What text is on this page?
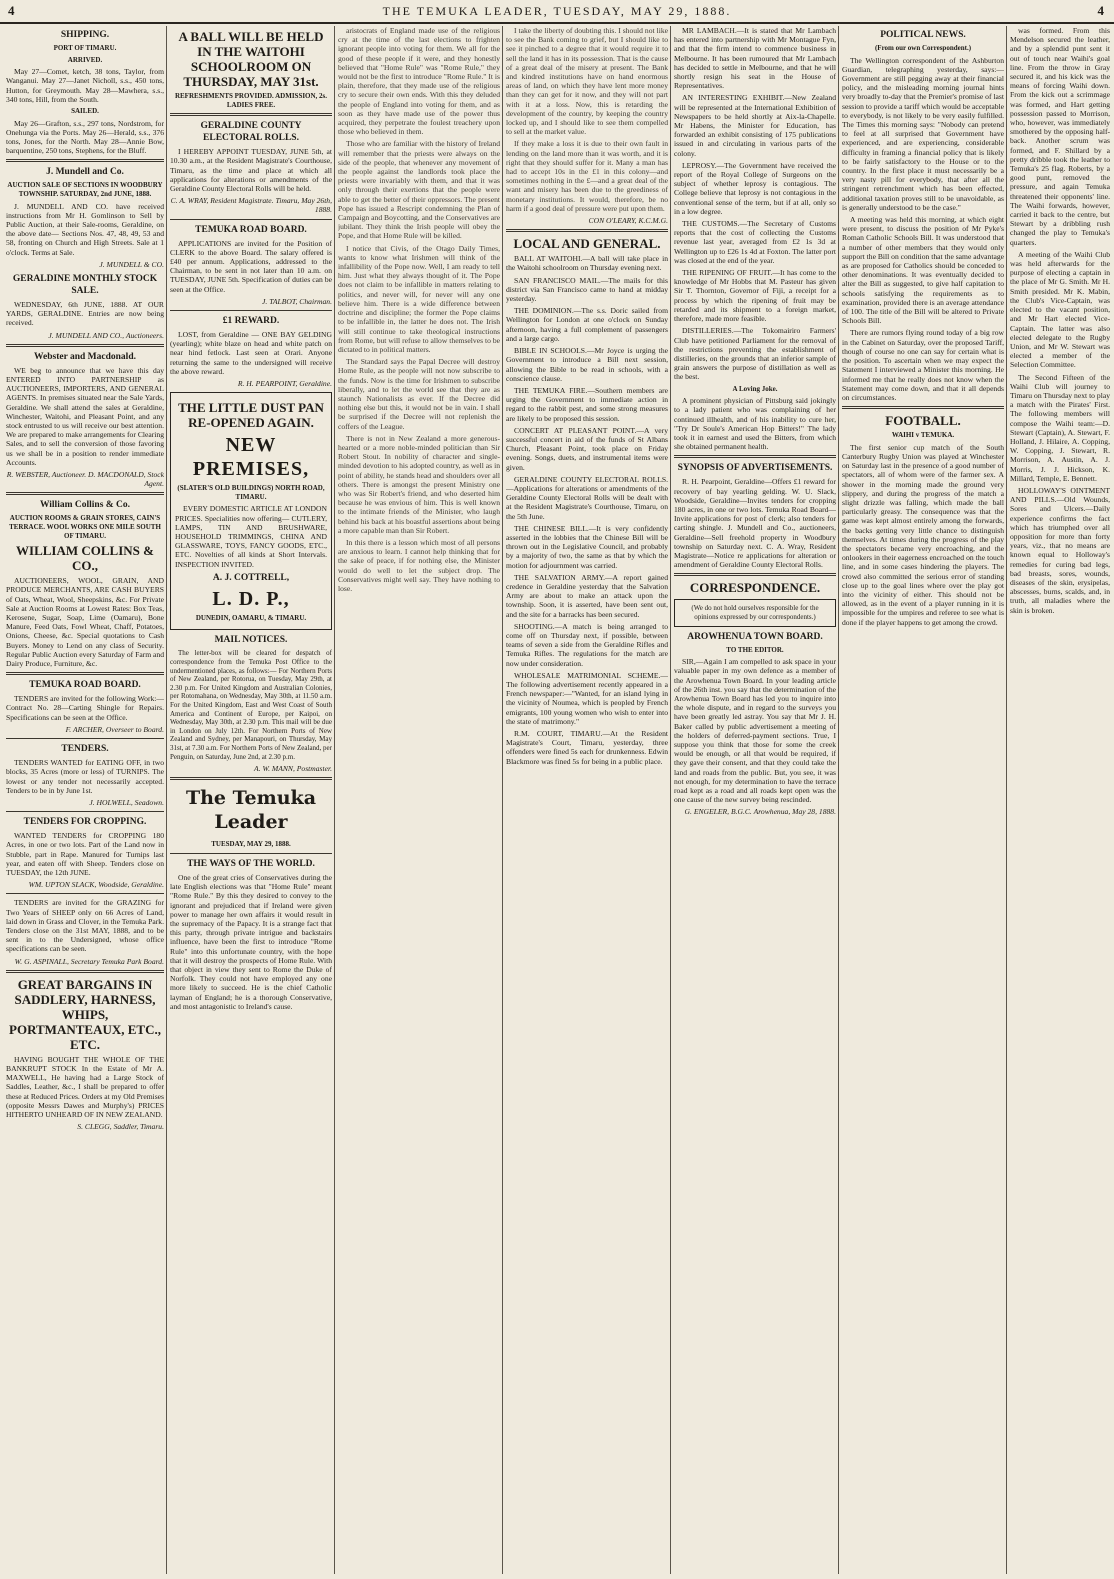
4	THE TEMUKA LEADER, TUESDAY, MAY 29, 1888.	4
SHIPPING.
PORT OF TIMARU.
ARRIVED.
May 27—Comet, ketch, 38 tons, Taylor, from Wanganui. May 27—Janet Nicholl, s.s., 450 tons, Hutton, for Greymouth. May 28—Mawhera, s.s., 340 tons, Hill, from the South.
SAILED.
May 26—Grafton, s.s., 297 tons, Nordstrom, for Onehunga via the Ports. May 26—Herald, s.s., 376 tons, Jones, for the North. May 28—Annie Bow, barquentine, 250 tons, Stephens, for the Bluff.
J. Mundell and Co.
AUCTION SALE OF SECTIONS IN WOODBURY TOWNSHIP. SATURDAY, 2nd JUNE, 1888.
J. MUNDELL AND CO. have received instructions from Mr H. Gomlinson to Sell by Public Auction, at their Sale-rooms, Geraldine, on the above date— Sections Nos. 47, 48, 49, 53 and 58, fronting on Church and High Streets. Sale at 1 o'clock. Terms at Sale.
J. MUNDELL & CO.
GERALDINE MONTHLY STOCK SALE.
WEDNESDAY, 6th JUNE, 1888. AT OUR YARDS, GERALDINE. Entries are now being received.
J. MUNDELL AND CO., Auctioneers.
Webster and Macdonald.
WE beg to announce that we have this day ENTERED INTO PARTNERSHIP as AUCTIONEERS, IMPORTERS, AND GENERAL AGENTS. In premises situated near the Sale Yards, Geraldine. We shall attend the sales at Geraldine, Winchester, Waitohi, and Pleasant Point, and any stock entrusted to us will receive our best attention. We are prepared to make arrangements for Clearing Sales, and to sell the conversion of those favoring us we shall be in a position to render immediate Accounts.
R. WEBSTER, Auctioneer. D. MACDONALD, Stock Agent.
William Collins & Co.
AUCTION ROOMS & GRAIN STORES, CAIN'S TERRACE. WOOL WORKS ONE MILE SOUTH OF TIMARU.
WILLIAM COLLINS & CO.,
AUCTIONEERS, WOOL, GRAIN, AND PRODUCE MERCHANTS, ARE CASH BUYERS of Oats, Wheat, Wool, Sheepskins, &c. For Private Sale at Auction Rooms at Lowest Rates: Box Teas, Kerosene, Sugar, Soap, Lime (Oamaru), Bone Manure, Feed Oats, Fowl Wheat, Chaff, Potatoes, Onions, Cheese, &c. Special quotations to Cash Buyers. Money to Lend on any class of Security. Regular Public Auction every Saturday of Farm and Dairy Produce, Furniture, &c.
TEMUKA ROAD BOARD.
TENDERS are invited for the following Work:— Contract No. 28—Carting Shingle for Repairs. Specifications can be seen at the Office.
F. ARCHER, Overseer to Board.
TENDERS.
TENDERS WANTED for EATING OFF, in two blocks, 35 Acres (more or less) of TURNIPS. The lowest or any tender not necessarily accepted. Tenders to be in by June 1st.
J. HOLWELL, Seadown.
TENDERS FOR CROPPING.
WANTED TENDERS for CROPPING 180 Acres, in one or two lots. Part of the Land now in Stubble, part in Rape. Manured for Turnips last year, and eaten off with Sheep. Tenders close on TUESDAY, the 12th JUNE.
WM. UPTON SLACK, Woodside, Geraldine.
TENDERS are invited for the GRAZING for Two Years of SHEEP only on 66 Acres of Land, laid down in Grass and Clover, in the Temuka Park. Tenders close on the 31st MAY, 1888, and to be sent in to the Undersigned, whose office specifications can be seen.
W. G. ASPINALL, Secretary Temuka Park Board.
GREAT BARGAINS IN SADDLERY, HARNESS, WHIPS, PORTMANTEAUX, ETC., ETC.
HAVING BOUGHT THE WHOLE OF THE BANKRUPT STOCK In the Estate of Mr A. MAXWELL, He having had a Large Stock of Saddles, Leather, &c., I shall be prepared to offer these at Reduced Prices. Orders at my Old Premises (opposite Messrs Dawes and Murphy's) PRICES HITHERTO UNHEARD OF IN NEW ZEALAND.
S. CLEGG, Saddler, Timaru.
A BALL WILL BE HELD IN THE WAITOHI SCHOOLROOM ON THURSDAY, MAY 31st.
REFRESHMENTS PROVIDED. ADMISSION, 2s. LADIES FREE.
GERALDINE COUNTY ELECTORAL ROLLS.
I HEREBY APPOINT TUESDAY, JUNE 5th, at 10.30 a.m., at the Resident Magistrate's Courthouse, Timaru, as the time and place at which all applications for alterations or amendments of the Geraldine County Electoral Rolls will be held.
C. A. WRAY, Resident Magistrate. Timaru, May 26th, 1888.
TEMUKA ROAD BOARD.
APPLICATIONS are invited for the Position of CLERK to the above Board. The salary offered is £40 per annum. Applications, addressed to the Chairman, to be sent in not later than 10 a.m. on TUESDAY, JUNE 5th. Specification of duties can be seen at the Office.
J. TALBOT, Chairman.
£1 REWARD.
LOST, from Geraldine — ONE BAY GELDING (yearling); white blaze on head and white patch on near hind fetlock. Last seen at Orari. Anyone returning the same to the undersigned will receive the above reward.
R. H. PEARPOINT, Geraldine.
THE LITTLE DUST PAN RE-OPENED AGAIN.
NEW PREMISES,
(SLATER'S OLD BUILDINGS) NORTH ROAD, TIMARU.
EVERY DOMESTIC ARTICLE AT LONDON PRICES. Specialities now offering— CUTLERY, LAMPS, TIN AND BRUSHWARE, HOUSEHOLD TRIMMINGS, CHINA AND GLASSWARE, TOYS, FANCY GOODS, ETC., ETC. Novelties of all kinds at Short Intervals. INSPECTION INVITED.
A. J. COTTRELL,
L. D. P.,
DUNEDIN, OAMARU, & TIMARU.
MAIL NOTICES.
The letter-box will be cleared for despatch of correspondence from the Temuka Post Office to the undermentioned places, as follows:— For Northern Ports of New Zealand, per Rotorua, on Tuesday, May 29th, at 2.30 p.m. For United Kingdom and Australian Colonies, per Rotomahana, on Wednesday, May 30th, at 11.50 a.m. For the United Kingdom, East and West Coast of South America and Continent of Europe, per Kaipoi, on Wednesday, May 30th, at 2.30 p.m. This mail will be due in London on July 12th. For Northern Ports of New Zealand and Sydney, per Manapouri, on Thursday, May 31st, at 7.30 a.m. For Northern Ports of New Zealand, per Penguin, on Saturday, June 2nd, at 2.30 p.m.
A. W. MANN, Postmaster.
The Temuka Leader
TUESDAY, MAY 29, 1888.
THE WAYS OF THE WORLD.
One of the great cries of Conservatives during the late English elections was that "Home Rule" meant "Rome Rule." By this they desired to convey to the ignorant and prejudiced that if Ireland were given power to manage her own affairs it would result in the supremacy of the Papacy. It is a strange fact that this party, through private intrigue and backstairs influence, have been the first to introduce "Rome Rule" into this unfortunate country, with the hope that it will destroy the prospects of Home Rule. With that object in view they sent to Rome the Duke of Norfolk. They could not have employed any one more likely to succeed. He is the chief Catholic layman of England; he is a thorough Conservative, and most antagonistic to Ireland's cause.
aristocrats of England made use of the religious cry at the time of the last elections to frighten ignorant people into voting for them. We all for the good of these people if it were, and they honestly believed that "Home Rule" was "Rome Rule," they would not be the first to introduce "Rome Rule." It is plain, therefore, that they made use of the religious cry to secure their own ends. With this they deluded the people of England into voting for them, and as soon as they have made use of the power thus acquired, they perpetrate the foulest treachery upon those who believed in them.
Those who are familiar with the history of Ireland will remember that the priests were always on the side of the people, that whenever any movement of the people against the landlords took place the priests were invariably with them, and that it was only through their exertions that the people were able to get the better of their oppressors. The present Pope has issued a Rescript condemning the Plan of Campaign and Boycotting, and the Conservatives are jubilant. They think the Irish people will obey the Pope, and that Home Rule will be killed.
I notice that Civis, of the Otago Daily Times, wants to know what Irishmen will think of the infallibility of the Pope now. Well, I am ready to tell him. Just what they always thought of it. The Pope does not claim to be infallible in matters relating to politics, and never will, for never will any one believe him. There is a wide difference between doctrine and discipline; the former the Pope claims to be infallible in, the latter he does not. The Irish will still continue to take theological instructions from Rome, but will refuse to allow themselves to be dictated to in political matters.
The Standard says the Papal Decree will destroy Home Rule, as the people will not now subscribe to the funds. Now is the time for Irishmen to subscribe liberally, and to let the world see that they are as staunch Nationalists as ever. If the Decree did nothing else but this, it would not be in vain. I shall be surprised if the Decree will not replenish the coffers of the League.
There is not in New Zealand a more generous-hearted or a more noble-minded politician than Sir Robert Stout. In nobility of character and single-minded devotion to his adopted country, as well as in point of ability, he stands head and shoulders over all others. There is amongst the present Ministry one who was Sir Robert's friend, and who deserted him because he was envious of him. This is well known to the intimate friends of the Minister, who laugh behind his back at his boastful assertions about being a more capable man than Sir Robert.
In this there is a lesson which most of all persons are anxious to learn. I cannot help thinking that for the sake of peace, if for nothing else, the Minister would do well to let the subject drop. The Conservatives might well say. They have nothing to lose.
I take the liberty of doubting this. I should not like to see the Bank coming to grief, but I should like to see it pinched to a degree that it would require it to sell the land it has in its possession. That is the cause of a great deal of the misery at present. The Bank and kindred institutions have on hand enormous areas of land, on which they have lent more money than they can get for it now, and they will not part with it at a loss. Now, this is retarding the development of the country, by keeping the country locked up, and I should like to see them compelled to sell at the market value.
If they make a loss it is due to their own fault in lending on the land more than it was worth, and it is right that they should suffer for it. Many a man has had to accept 10s in the £1 in this colony—and sometimes nothing in the £—and a great deal of the want and misery has been due to the greediness of monetary institutions. It would, therefore, be no harm if a good deal of pressure were put upon them.
CON O'LEARY, K.C.M.G.
LOCAL AND GENERAL.
BALL AT WAITOHI.—A ball will take place in the Waitohi schoolroom on Thursday evening next.
SAN FRANCISCO MAIL.—The mails for this district via San Francisco came to hand at midday yesterday.
THE DOMINION.—The s.s. Doric sailed from Wellington for London at one o'clock on Sunday afternoon, having a full complement of passengers and a large cargo.
BIBLE IN SCHOOLS.—Mr Joyce is urging the Government to introduce a Bill next session, allowing the Bible to be read in schools, with a conscience clause.
THE TEMUKA FIRE.—Southern members are urging the Government to immediate action in regard to the rabbit pest, and some strong measures are likely to be proposed this session.
CONCERT AT PLEASANT POINT.—A very successful concert in aid of the funds of St Albans Church, Pleasant Point, took place on Friday evening. Songs, duets, and instrumental items were given.
GERALDINE COUNTY ELECTORAL ROLLS.—Applications for alterations or amendments of the Geraldine County Electoral Rolls will be dealt with at the Resident Magistrate's Courthouse, Timaru, on the 5th June.
THE CHINESE BILL.—It is very confidently asserted in the lobbies that the Chinese Bill will be thrown out in the Legislative Council, and probably by a majority of two, the same as that by which the motion for adjournment was carried.
THE SALVATION ARMY.—A report gained credence in Geraldine yesterday that the Salvation Army are about to make an attack upon the township. Soon, it is asserted, have been sent out, and the site for a barracks has been secured.
SHOOTING.—A match is being arranged to come off on Thursday next, if possible, between teams of seven a side from the Geraldine Rifles and Temuka Rifles. The regulations for the match are now under consideration.
WHOLESALE MATRIMONIAL SCHEME.—The following advertisement recently appeared in a French newspaper:—"Wanted, for an island lying in the vicinity of Noumea, which is peopled by French emigrants, 100 young women who wish to enter into the state of matrimony."
R.M. COURT, TIMARU.—At the Resident Magistrate's Court, Timaru, yesterday, three offenders were fined 5s each for drunkenness. Edwin Blackmore was fined 5s for being in a public place.
MR LAMBACH.—It is stated that Mr Lambach has entered into partnership with Mr Montague Fyn, and that the firm intend to commence business in Melbourne. It has been rumoured that Mr Lambach has decided to settle in Melbourne, and that he will shortly resign his seat in the House of Representatives.
AN INTERESTING EXHIBIT.—New Zealand will be represented at the International Exhibition of Newspapers to be held shortly at Aix-la-Chapelle. Mr Habens, the Minister for Education, has forwarded an exhibit consisting of 175 publications issued in and circulating in various parts of the colony.
LEPROSY.—The Government have received the report of the Royal College of Surgeons on the subject of whether leprosy is contagious. The College believe that leprosy is not contagious in the conventional sense of the term, but if at all, only so in a low degree.
THE CUSTOMS.—The Secretary of Customs reports that the cost of collecting the Customs revenue last year, averaged from £2 1s 3d at Wellington up to £26 1s 4d at Foxton. The latter port was closed at the end of the year.
THE RIPENING OF FRUIT.—It has come to the knowledge of Mr Hobbs that M. Pasteur has given Sir T. Thornton, Governor of Fiji, a receipt for a process by which the ripening of fruit may be retarded and its shipment to a foreign market, therefore, made more feasible.
DISTILLERIES.—The Tokomairiro Farmers' Club have petitioned Parliament for the removal of the restrictions preventing the establishment of distilleries, on the grounds that an inferior sample of grain answers the purpose of distillation as well as the best.
A Loving Joke.
A prominent physician of Pittsburg said jokingly to a lady patient who was complaining of her continued illhealth, and of his inability to cure her, "Try Dr Soule's American Hop Bitters!" The lady took it in earnest and used the Bitters, from which she obtained permanent health.
SYNOPSIS OF ADVERTISEMENTS.
R. H. Pearpoint, Geraldine—Offers £1 reward for recovery of bay yearling gelding. W. U. Slack, Woodside, Geraldine—Invites tenders for cropping 180 acres, in one or two lots. Temuka Road Board—Invite applications for post of clerk; also tenders for carting shingle. J. Mundell and Co., auctioneers, Geraldine—Sell freehold property in Woodbury township on Saturday next. C. A. Wray, Resident Magistrate—Notice re applications for alteration or amendment of Geraldine County Electoral Rolls.
CORRESPONDENCE.
(We do not hold ourselves responsible for the opinions expressed by our correspondents.)
AROWHENUA TOWN BOARD.
TO THE EDITOR.
SIR,—Again I am compelled to ask space in your valuable paper in my own defence as a member of the Arowhenua Town Board. In your leading article of the 26th inst. you say that the determination of the Arowhenua Town Board has led you to inquire into the whole dispute, and in regard to the surveys you have been greatly led astray. You say that Mr J. H. Baker called by public advertisement a meeting of the holders of deferred-payment sections. True, I suppose you think that those for some the creek would be enough, or all that would be required, if they gave their consent, and that they could take the land and roads from the public. But, you see, it was not enough, for my determination to have the terrace road kept as a road and all roads kept open was the one cause of the new survey being rescinded.
G. ENGELER, B.G.C. Arowhenua, May 28, 1888.
POLITICAL NEWS.
(From our own Correspondent.)
The Wellington correspondent of the Ashburton Guardian, telegraphing yesterday, says:— Government are still pegging away at their financial policy, and the misleading morning journal hints very broadly to-day that the Premier's promise of last session to provide a tariff which would be acceptable to everybody, is not likely to be very easily fulfilled. The Times this morning says: "Nobody can pretend to feel at all surprised that Government have experienced, and are experiencing, considerable difficulty in framing a financial policy that is likely to be fairly satisfactory to the House or to the country. In the first place it must necessarily be a very nasty pill for everybody, that after all the stringent retrenchment which has been effected, additional taxation proves still to be unavoidable, as is generally understood to be the case."
A meeting was held this morning, at which eight were present, to discuss the position of Mr Pyke's Roman Catholic Schools Bill. It was understood that a number of other members that they would only support the Bill on condition that the same advantage as are proposed for Catholics should be conceded to other denominations. It was eventually decided to alter the Bill as suggested, to give half capitation to schools satisfying the requirements as to examination, provided there is an average attendance of 100. The title of the Bill will be altered to Private Schools Bill.
There are rumors flying round today of a big row in the Cabinet on Saturday, over the proposed Tariff, though of course no one can say for certain what is the position. To ascertain when we may expect the Statement I interviewed a Minister this morning. He informed me that he really does not know when the Statement may come down, and that it all depends on circumstances.
FOOTBALL.
WAIHI v TEMUKA.
The first senior cup match of the South Canterbury Rugby Union was played at Winchester on Saturday last in the presence of a good number of spectators, all of whom were of the farmer sex. A shower in the morning made the ground very slippery, and during the progress of the match a slight drizzle was falling, which made the ball particularly greasy. The consequence was that the game was kept almost entirely among the forwards, the backs getting very little chance to distinguish themselves. At times during the progress of the play the spectators became very encroaching, and the onlookers in their eagerness encroached on the touch line, and in some cases hindering the players. The crowd also committed the serious error of standing close up to the goal lines where over the play got into the vicinity of either. This should not be allowed, as in the event of a player running in it is impossible for the umpires and referee to see what is done if the player happens to get among the crowd.
was formed. From this Mendelson secured the leather, and by a splendid punt sent it out of touch near Waihi's goal line. From the throw in Gray secured it, and his kick was the means of forcing Waihi down. From the kick out a scrimmage was formed, and Hart getting possession passed to Morrison, who, however, was immediately smothered by the opposing half-back. Another scrum was formed, and F. Shillard by a pretty dribble took the leather to Temuka's 25 flag. Roberts, by a good punt, removed the pressure, and again Temuka threatened their opponents' line. The Waihi forwards, however, carried it back to the centre, but Stewart by a dribbling rush changed the play to Temuka's quarters.
A meeting of the Waihi Club was held afterwards for the purpose of electing a captain in the place of Mr G. Smith. Mr H. Smith presided. Mr K. Mabin, the Club's Vice-Captain, was elected to the vacant position, and Mr Hart elected Vice-Captain. The latter was also elected delegate to the Rugby Union, and Mr W. Stewart was elected a member of the Selection Committee.
The Second Fifteen of the Waihi Club will journey to Timaru on Thursday next to play a match with the Pirates' First. The following members will compose the Waihi team:—D. Stewart (Captain), A. Stewart, F. Holland, J. Hilaire, A. Copping, W. Copping, J. Stewart, R. Morrison, A. Austin, A. J. Morris, J. J. Hickson, K. Millard, Temple, E. Bennett.
HOLLOWAY'S OINTMENT AND PILLS.—Old Wounds, Sores and Ulcers.—Daily experience confirms the fact which has triumphed over all opposition for more than forty years, viz., that no means are known equal to Holloway's remedies for curing bad legs, bad breasts, sores, wounds, diseases of the skin, erysipelas, abscesses, burns, scalds, and, in truth, all maladies where the skin is broken.
